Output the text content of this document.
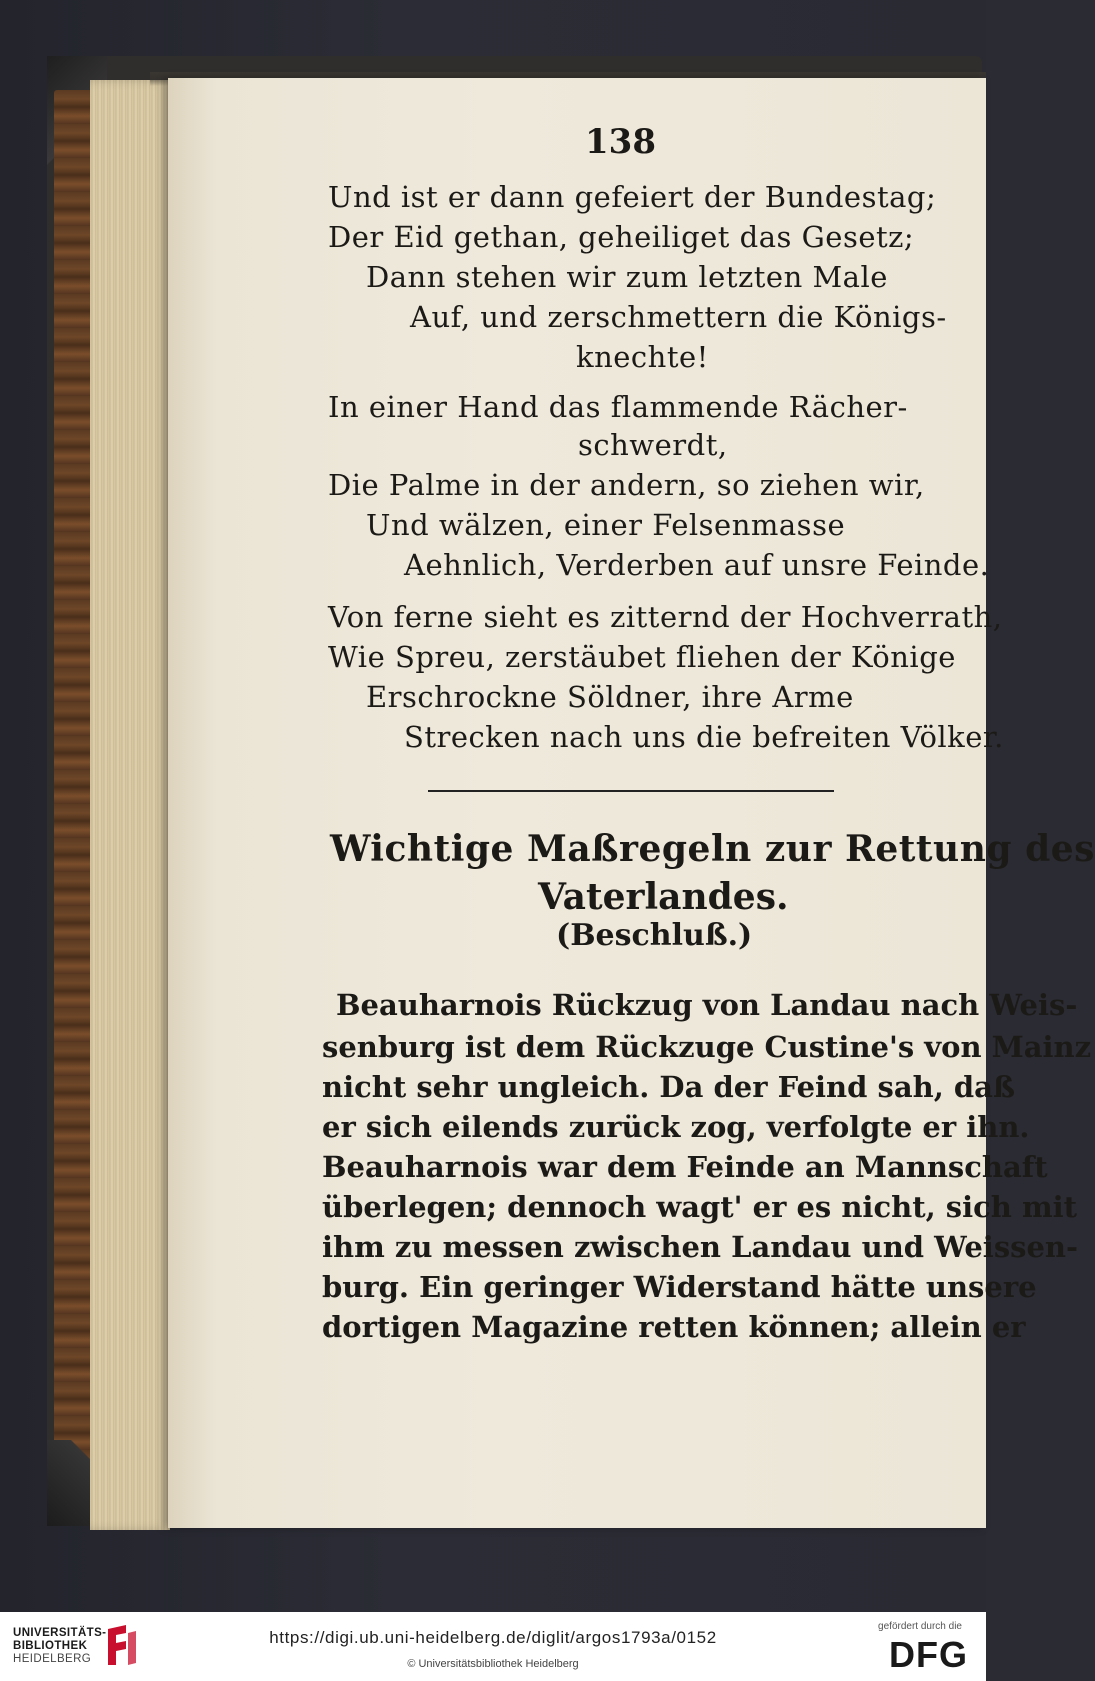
138
Und ist er dann gefeiert der Bundestag;
Der Eid gethan, geheiliget das Gesetz;
Dann stehen wir zum letzten Male
Auf, und zerschmettern die Königs-
knechte!
In einer Hand das flammende Rächer-
schwerdt,
Die Palme in der andern, so ziehen wir,
Und wälzen, einer Felsenmasse
Aehnlich, Verderben auf unsre Feinde.
Von ferne sieht es zitternd der Hochverrath,
Wie Spreu, zerstäubet fliehen der Könige
Erschrockne Söldner, ihre Arme
Strecken nach uns die befreiten Völker.
Wichtige Maßregeln zur Rettung des
Vaterlandes.
(Beschluß.)
Beauharnois Rückzug von Landau nach Weis-
senburg ist dem Rückzuge Custine's von Mainz
nicht sehr ungleich. Da der Feind sah, daß
er sich eilends zurück zog, verfolgte er ihn.
Beauharnois war dem Feinde an Mannschaft
überlegen; dennoch wagt' er es nicht, sich mit
ihm zu messen zwischen Landau und Weissen-
burg. Ein geringer Widerstand hätte unsere
dortigen Magazine retten können; allein er
UNIVERSITÄTS-
BIBLIOTHEK
HEIDELBERG
https://digi.ub.uni-heidelberg.de/diglit/argos1793a/0152
© Universitätsbibliothek Heidelberg
gefördert durch die
DFG
